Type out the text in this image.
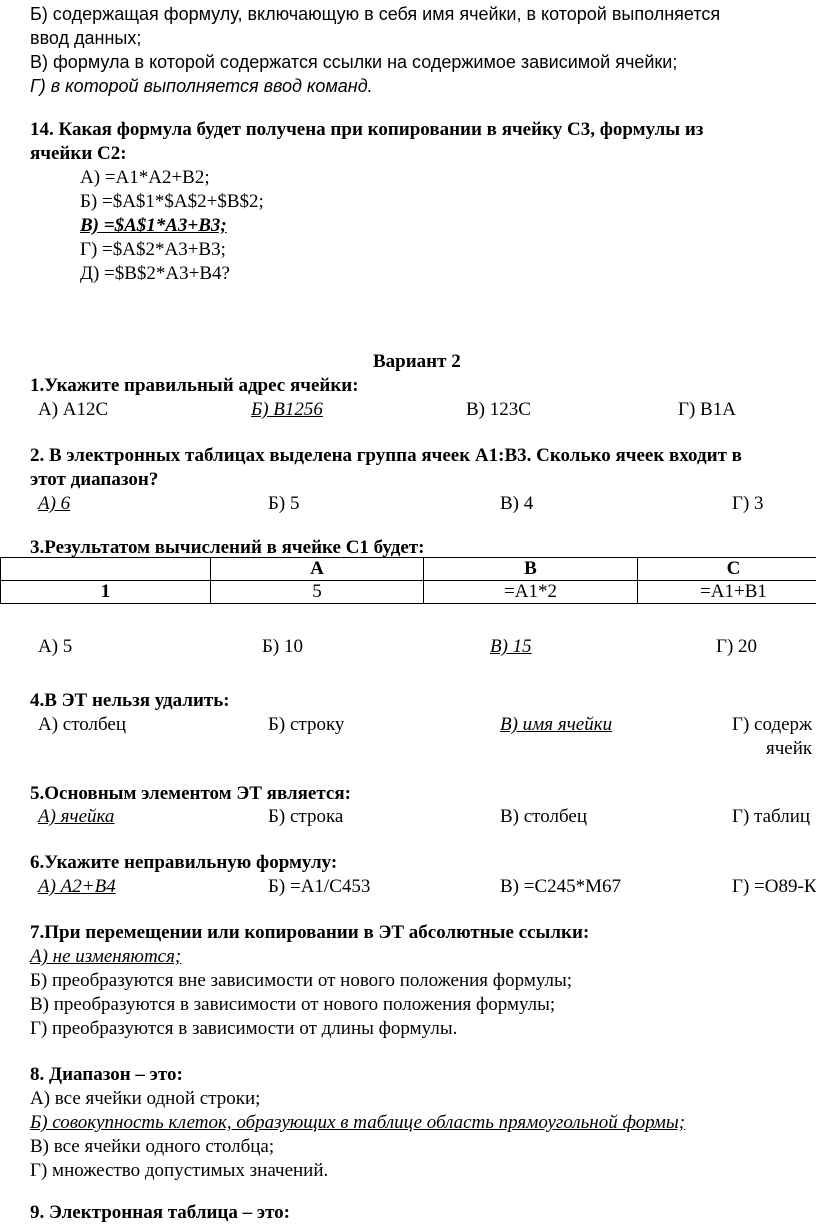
Б) содержащая формулу, включающую в себя имя ячейки, в которой выполняется
ввод данных;
В) формула в которой содержатся ссылки на содержимое зависимой ячейки;
Г) в которой выполняется ввод команд.
14. Какая формула будет получена при копировании в ячейку С3, формулы из
ячейки С2:
А) =А1*А2+В2;
Б) =$А$1*$А$2+$В$2;
В) =$А$1*А3+В3;
Г) =$А$2*А3+В3;
Д) =$В$2*А3+В4?
Вариант 2
1.Укажите правильный адрес ячейки:
А) А12С	Б) В1256	В) 123С	Г) В1А
2. В электронных таблицах выделена группа ячеек А1:В3. Сколько ячеек входит в
этот диапазон?
А) 6	Б) 5	В) 4	Г) 3
3.Результатом вычислений в ячейке С1 будет:
	А	В	С
1	5	=А1*2	=А1+В1
А) 5	Б) 10	В) 15	Г) 20
4.В ЭТ нельзя удалить:
А) столбец	Б) строку	В) имя ячейки	Г) содерж
ячейк
5.Основным элементом ЭТ является:
А) ячейка	Б) строка	В) столбец	Г) таблиц
6.Укажите неправильную формулу:
А) А2+В4	Б) =А1/С453	В) =С245*М67	Г) =О89-К
7.При перемещении или копировании в ЭТ абсолютные ссылки:
А) не изменяются;
Б) преобразуются вне зависимости от нового положения формулы;
В) преобразуются в зависимости от нового положения формулы;
Г) преобразуются в зависимости от длины формулы.
8. Диапазон – это:
А) все ячейки одной строки;
Б) совокупность клеток, образующих в таблице область прямоугольной формы;
В) все ячейки одного столбца;
Г) множество допустимых значений.
9. Электронная таблица – это:
